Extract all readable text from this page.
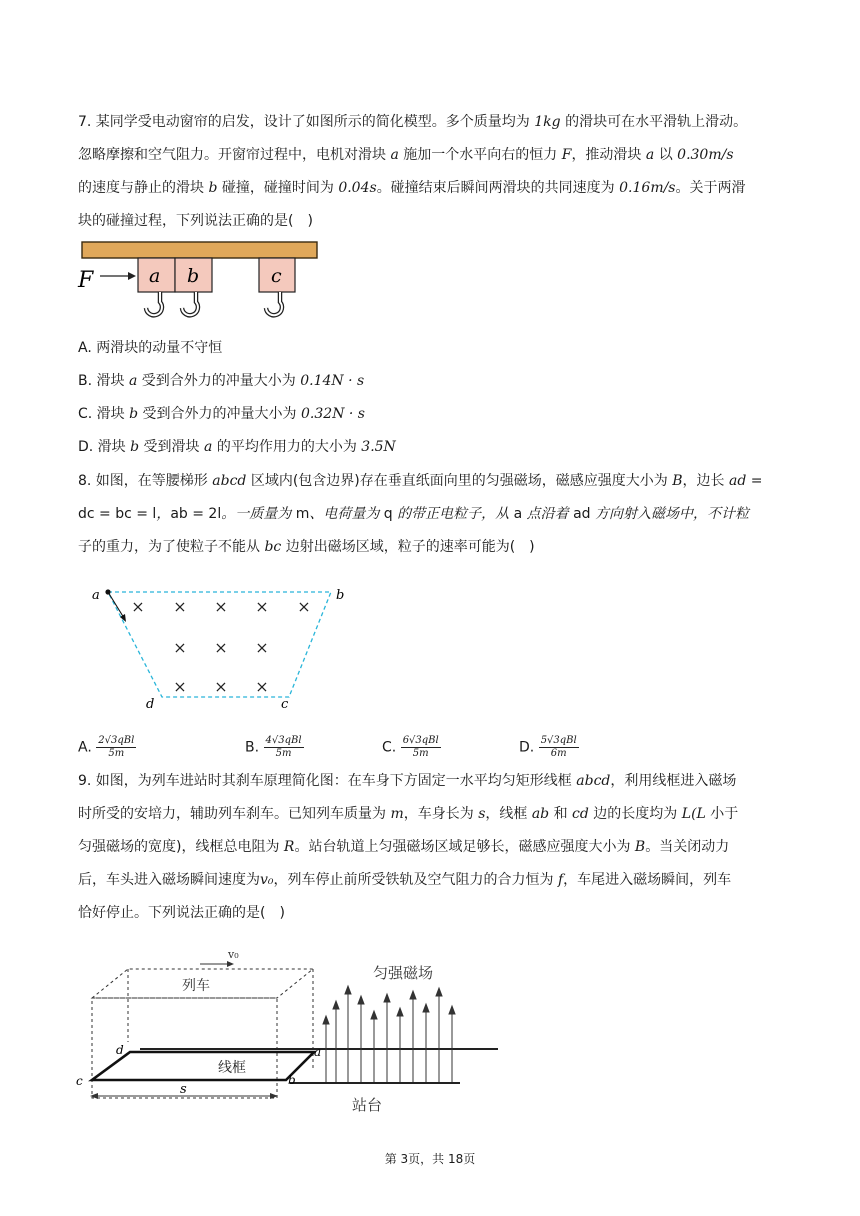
7. 某同学受电动窗帘的启发，设计了如图所示的简化模型。多个质量均为 1kg 的滑块可在水平滑轨上滑动。
忽略摩擦和空气阻力。开窗帘过程中，电机对滑块 a 施加一个水平向右的恒力 F，推动滑块 a 以 0.30m/s
的速度与静止的滑块 b 碰撞，碰撞时间为 0.04s。碰撞结束后瞬间两滑块的共同速度为 0.16m/s。关于两滑
块的碰撞过程，下列说法正确的是(　)
F	a b	c
A. 两滑块的动量不守恒
B. 滑块 a 受到合外力的冲量大小为 0.14N · s
C. 滑块 b 受到合外力的冲量大小为 0.32N · s
D. 滑块 b 受到滑块 a 的平均作用力的大小为 3.5N
8. 如图，在等腰梯形 abcd 区域内(包含边界)存在垂直纸面向里的匀强磁场，磁感应强度大小为 B，边长 ad =
dc = bc = l，ab = 2l。一质量为 m、电荷量为 q 的带正电粒子，从 a 点沿着 ad 方向射入磁场中，不计粒
子的重力，为了使粒子不能从 bc 边射出磁场区域，粒子的速率可能为(　)
a	b
c
d
× × × × ×
× × ×
× × ×
A. $\frac{\text{2√3qBl}}{5m}$	B. $\frac{\text{4√3qBl}}{5m}$	C. $\frac{\text{6√3qBl}}{5m}$	D. $\frac{\text{5√3qBl}}{6m}$
9. 如图，为列车进站时其刹车原理简化图：在车身下方固定一水平均匀矩形线框 abcd，利用线框进入磁场
时所受的安培力，辅助列车刹车。已知列车质量为 m，车身长为 s，线框 ab 和 cd 边的长度均为 L(L 小于
匀强磁场的宽度)，线框总电阻为 R。站台轨道上匀强磁场区域足够长，磁感应强度大小为 B。当关闭动力
后，车头进入磁场瞬间速度为v₀，列车停止前所受铁轨及空气阻力的合力恒为 f，车尾进入磁场瞬间，列车
恰好停止。下列说法正确的是(　)
列车
v₀
线框
a
b
c
d
s
匀强磁场
站台
第 3页，共 18页
